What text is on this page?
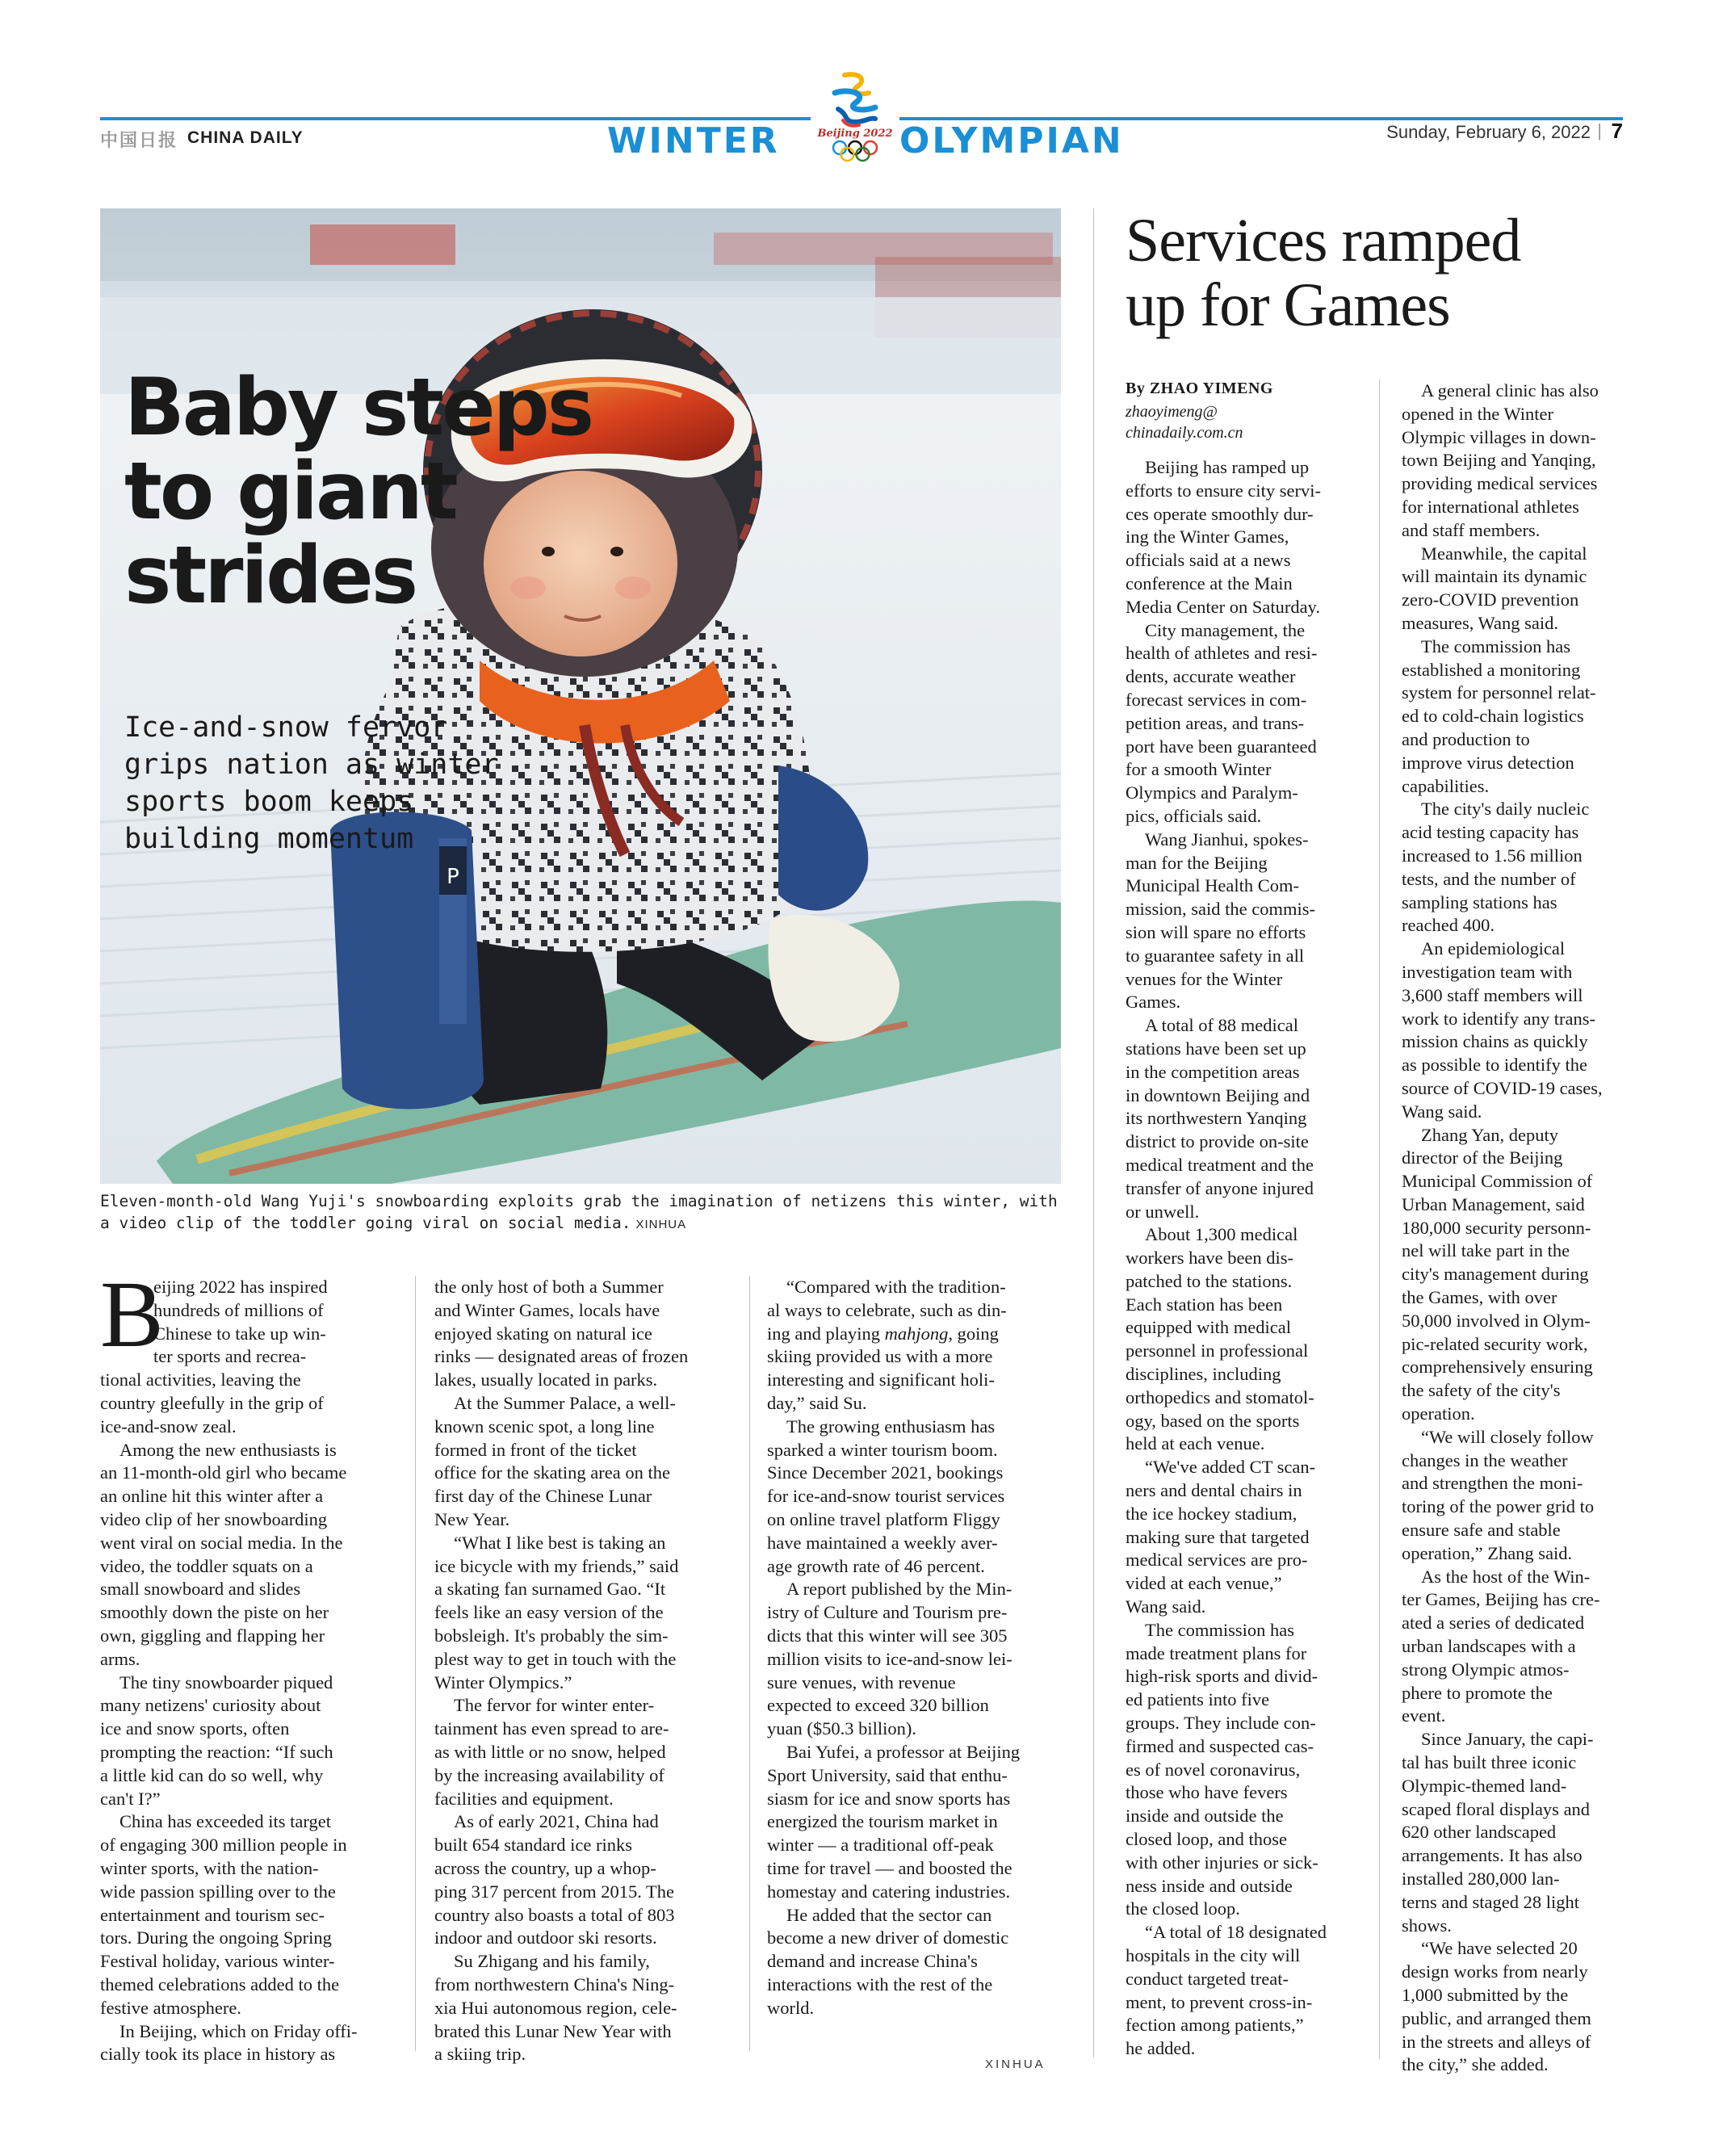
中国日报 CHINA DAILY	WINTER	Beijing 2022 OLYMPIAN	Sunday, February 6, 2022 | 7
P
Baby steps
to giant
strides
Ice-and-snow fervor
grips nation as winter
sports boom keeps
building momentum
Eleven-month-old Wang Yuji's snowboarding exploits grab the imagination of netizens this winter, with a video clip of the toddler going viral on social media. XINHUA
B
eijing 2022 has inspired
hundreds of millions of
Chinese to take up win-
ter sports and recrea-
tional activities, leaving the
country gleefully in the grip of
ice-and-snow zeal.
Among the new enthusiasts is
an 11-month-old girl who became
an online hit this winter after a
video clip of her snowboarding
went viral on social media. In the
video, the toddler squats on a
small snowboard and slides
smoothly down the piste on her
own, giggling and flapping her
arms.
The tiny snowboarder piqued
many netizens' curiosity about
ice and snow sports, often
prompting the reaction: “If such
a little kid can do so well, why
can't I?”
China has exceeded its target
of engaging 300 million people in
winter sports, with the nation-
wide passion spilling over to the
entertainment and tourism sec-
tors. During the ongoing Spring
Festival holiday, various winter-
themed celebrations added to the
festive atmosphere.
In Beijing, which on Friday offi-
cially took its place in history as
the only host of both a Summer
and Winter Games, locals have
enjoyed skating on natural ice
rinks — designated areas of frozen
lakes, usually located in parks.
At the Summer Palace, a well-
known scenic spot, a long line
formed in front of the ticket
office for the skating area on the
first day of the Chinese Lunar
New Year.
“What I like best is taking an
ice bicycle with my friends,” said
a skating fan surnamed Gao. “It
feels like an easy version of the
bobsleigh. It's probably the sim-
plest way to get in touch with the
Winter Olympics.”
The fervor for winter enter-
tainment has even spread to are-
as with little or no snow, helped
by the increasing availability of
facilities and equipment.
As of early 2021, China had
built 654 standard ice rinks
across the country, up a whop-
ping 317 percent from 2015. The
country also boasts a total of 803
indoor and outdoor ski resorts.
Su Zhigang and his family,
from northwestern China's Ning-
xia Hui autonomous region, cele-
brated this Lunar New Year with
a skiing trip.
“Compared with the tradition-
al ways to celebrate, such as din-
ing and playing mahjong, going
skiing provided us with a more
interesting and significant holi-
day,” said Su.
The growing enthusiasm has
sparked a winter tourism boom.
Since December 2021, bookings
for ice-and-snow tourist services
on online travel platform Fliggy
have maintained a weekly aver-
age growth rate of 46 percent.
A report published by the Min-
istry of Culture and Tourism pre-
dicts that this winter will see 305
million visits to ice-and-snow lei-
sure venues, with revenue
expected to exceed 320 billion
yuan ($50.3 billion).
Bai Yufei, a professor at Beijing
Sport University, said that enthu-
siasm for ice and snow sports has
energized the tourism market in
winter — a traditional off-peak
time for travel — and boosted the
homestay and catering industries.
He added that the sector can
become a new driver of domestic
demand and increase China's
interactions with the rest of the
world.
XINHUA
Services ramped
up for Games
By ZHAO YIMENG
zhaoyimeng@
chinadaily.com.cn
Beijing has ramped up
efforts to ensure city servi-
ces operate smoothly dur-
ing the Winter Games,
officials said at a news
conference at the Main
Media Center on Saturday.
City management, the
health of athletes and resi-
dents, accurate weather
forecast services in com-
petition areas, and trans-
port have been guaranteed
for a smooth Winter
Olympics and Paralym-
pics, officials said.
Wang Jianhui, spokes-
man for the Beijing
Municipal Health Com-
mission, said the commis-
sion will spare no efforts
to guarantee safety in all
venues for the Winter
Games.
A total of 88 medical
stations have been set up
in the competition areas
in downtown Beijing and
its northwestern Yanqing
district to provide on-site
medical treatment and the
transfer of anyone injured
or unwell.
About 1,300 medical
workers have been dis-
patched to the stations.
Each station has been
equipped with medical
personnel in professional
disciplines, including
orthopedics and stomatol-
ogy, based on the sports
held at each venue.
“We've added CT scan-
ners and dental chairs in
the ice hockey stadium,
making sure that targeted
medical services are pro-
vided at each venue,”
Wang said.
The commission has
made treatment plans for
high-risk sports and divid-
ed patients into five
groups. They include con-
firmed and suspected cas-
es of novel coronavirus,
those who have fevers
inside and outside the
closed loop, and those
with other injuries or sick-
ness inside and outside
the closed loop.
“A total of 18 designated
hospitals in the city will
conduct targeted treat-
ment, to prevent cross-in-
fection among patients,”
he added.
A general clinic has also
opened in the Winter
Olympic villages in down-
town Beijing and Yanqing,
providing medical services
for international athletes
and staff members.
Meanwhile, the capital
will maintain its dynamic
zero-COVID prevention
measures, Wang said.
The commission has
established a monitoring
system for personnel relat-
ed to cold-chain logistics
and production to
improve virus detection
capabilities.
The city's daily nucleic
acid testing capacity has
increased to 1.56 million
tests, and the number of
sampling stations has
reached 400.
An epidemiological
investigation team with
3,600 staff members will
work to identify any trans-
mission chains as quickly
as possible to identify the
source of COVID-19 cases,
Wang said.
Zhang Yan, deputy
director of the Beijing
Municipal Commission of
Urban Management, said
180,000 security personn-
nel will take part in the
city's management during
the Games, with over
50,000 involved in Olym-
pic-related security work,
comprehensively ensuring
the safety of the city's
operation.
“We will closely follow
changes in the weather
and strengthen the moni-
toring of the power grid to
ensure safe and stable
operation,” Zhang said.
As the host of the Win-
ter Games, Beijing has cre-
ated a series of dedicated
urban landscapes with a
strong Olympic atmos-
phere to promote the
event.
Since January, the capi-
tal has built three iconic
Olympic-themed land-
scaped floral displays and
620 other landscaped
arrangements. It has also
installed 280,000 lan-
terns and staged 28 light
shows.
“We have selected 20
design works from nearly
1,000 submitted by the
public, and arranged them
in the streets and alleys of
the city,” she added.
